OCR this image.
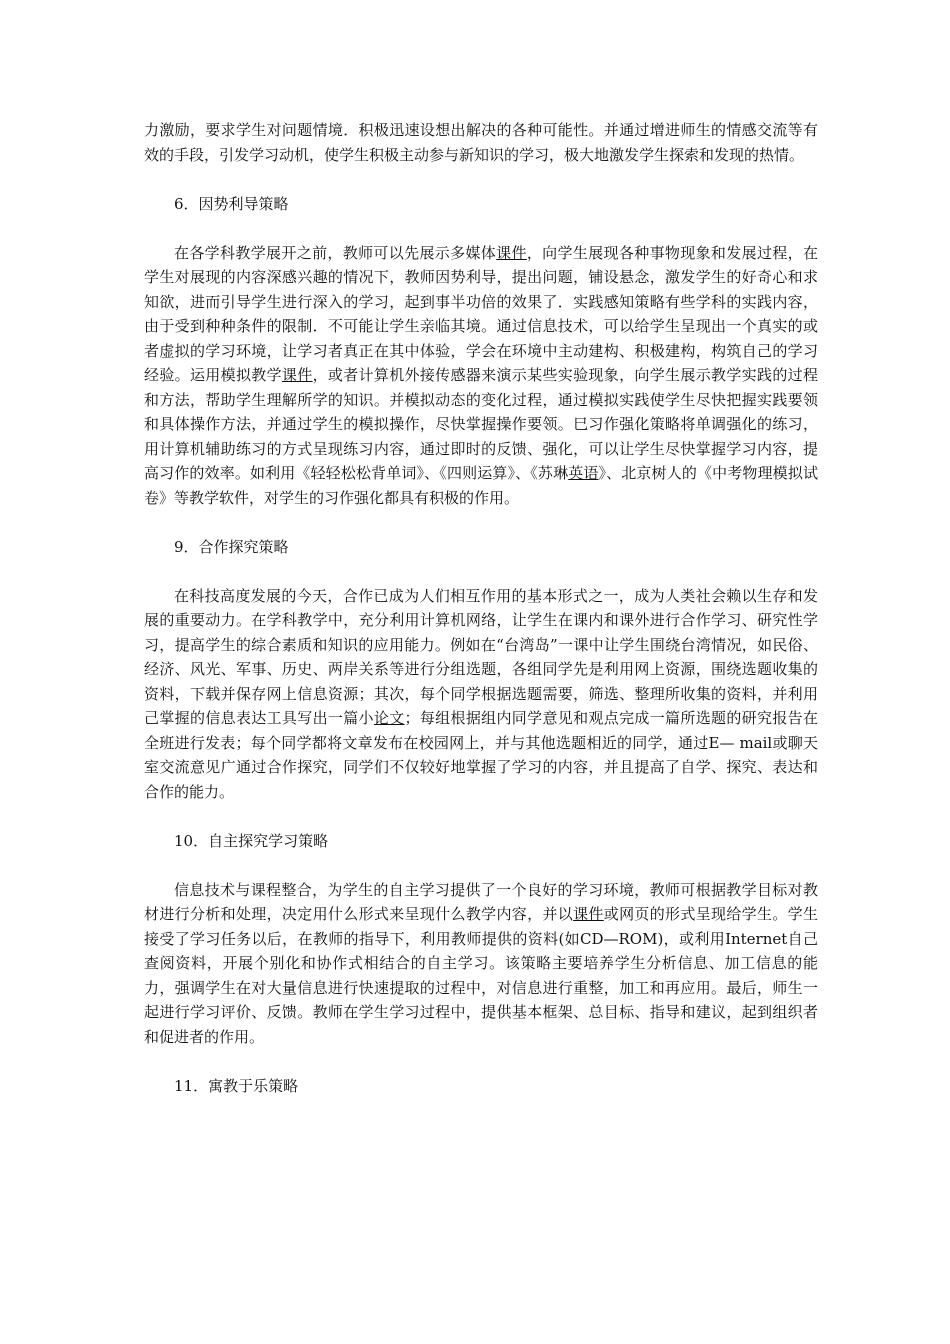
力激励，要求学生对问题情境．积极迅速设想出解决的各种可能性。并通过增进师生的情感交流等有效的手段，引发学习动机，使学生积极主动参与新知识的学习，极大地激发学生探索和发现的热情。

6．因势利导策略

在各学科教学展开之前，教师可以先展示多媒体课件，向学生展现各种事物现象和发展过程，在学生对展现的内容深感兴趣的情况下，教师因势利导，提出问题，铺设悬念，激发学生的好奇心和求知欲，进而引导学生进行深入的学习，起到事半功倍的效果了．实践感知策略有些学科的实践内容，由于受到种种条件的限制．不可能让学生亲临其境。通过信息技术，可以给学生呈现出一个真实的或者虚拟的学习环境，让学习者真正在其中体验，学会在环境中主动建构、积极建构，构筑自己的学习经验。运用模拟教学课件，或者计算机外接传感器来演示某些实验现象，向学生展示教学实践的过程和方法，帮助学生理解所学的知识。并模拟动态的变化过程，通过模拟实践使学生尽快把握实践要领和具体操作方法，并通过学生的模拟操作，尽快掌握操作要领。巳习作强化策略将单调强化的练习，用计算机辅助练习的方式呈现练习内容，通过即时的反馈、强化，可以让学生尽快掌握学习内容，提高习作的效率。如利用《轻轻松松背单词》、《四则运算》、《苏琳英语》、北京树人的《中考物理模拟试卷》等教学软件，对学生的习作强化都具有积极的作用。

9．合作探究策略

在科技高度发展的今天，合作已成为人们相互作用的基本形式之一，成为人类社会赖以生存和发展的重要动力。在学科教学中，充分利用计算机网络，让学生在课内和课外进行合作学习、研究性学习，提高学生的综合素质和知识的应用能力。例如在“台湾岛”一课中让学生围绕台湾情况，如民俗、经济、风光、军事、历史、两岸关系等进行分组选题，各组同学先是利用网上资源，围绕选题收集的资料，下载并保存网上信息资源；其次，每个同学根据选题需要，筛选、整理所收集的资料，并利用己掌握的信息表达工具写出一篇小论文；每组根据组内同学意见和观点完成一篇所选题的研究报告在全班进行发表；每个同学都将文章发布在校园网上，并与其他选题相近的同学，通过E— mail或聊天室交流意见广通过合作探究，同学们不仅较好地掌握了学习的内容，并且提高了自学、探究、表达和合作的能力。

10．自主探究学习策略

信息技术与课程整合，为学生的自主学习提供了一个良好的学习环境，教师可根据教学目标对教材进行分析和处理，决定用什么形式来呈现什么教学内容，并以课件或网页的形式呈现给学生。学生接受了学习任务以后，在教师的指导下，利用教师提供的资料(如CD—ROM)，或利用Internet自己查阅资料，开展个别化和协作式相结合的自主学习。该策略主要培养学生分析信息、加工信息的能力，强调学生在对大量信息进行快速提取的过程中，对信息进行重整，加工和再应用。最后，师生一起进行学习评价、反馈。教师在学生学习过程中，提供基本框架、总目标、指导和建议，起到组织者和促进者的作用。

11．寓教于乐策略
